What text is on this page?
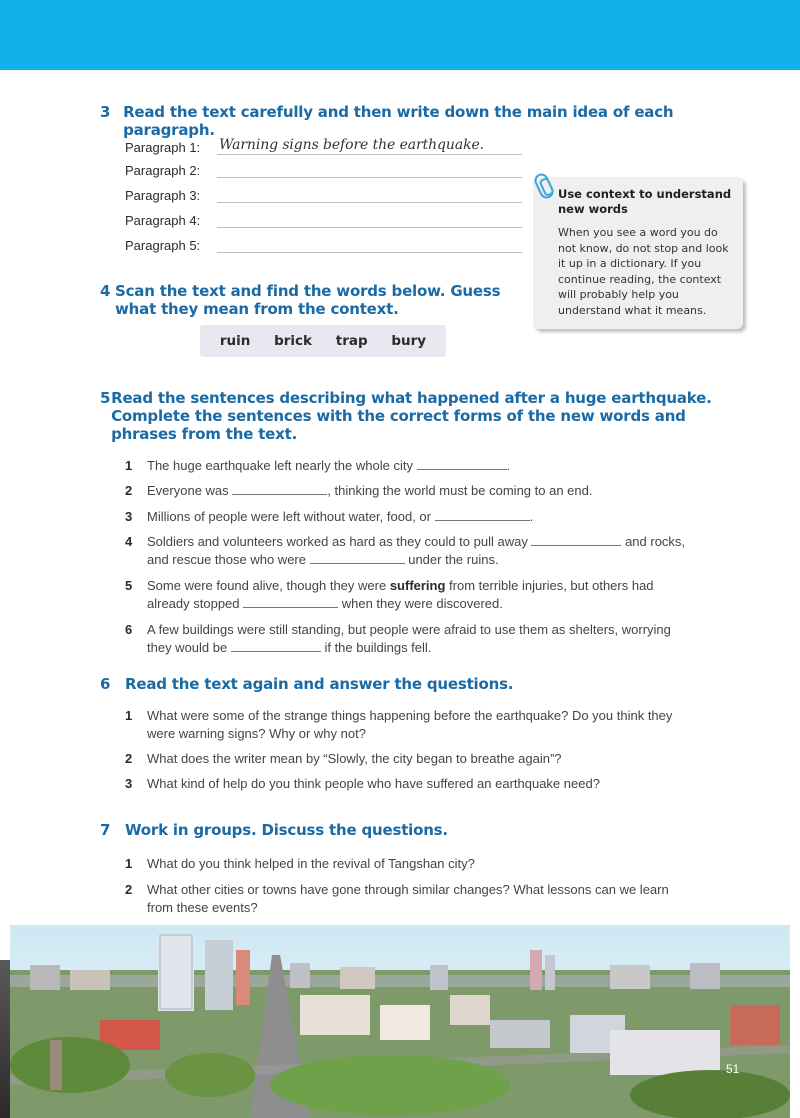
3 Read the text carefully and then write down the main idea of each paragraph.
Paragraph 1:	Warning signs before the earthquake.
Paragraph 2:
Paragraph 3:
Paragraph 4:
Paragraph 5:
Use context to understand new words
When you see a word you do not know, do not stop and look it up in a dictionary. If you continue reading, the context will probably help you understand what it means.
4 Scan the text and find the words below. Guess what they mean from the context.
ruin brick trap bury
5 Read the sentences describing what happened after a huge earthquake. Complete the sentences with the correct forms of the new words and phrases from the text.
1	The huge earthquake left nearly the whole city	.
2	Everyone was	, thinking the world must be coming to an end.
3	Millions of people were left without water, food, or	.
4	Soldiers and volunteers worked as hard as they could to pull away	and rocks, and rescue those who were	under the ruins.
5	Some were found alive, though they were suffering from terrible injuries, but others had already stopped	when they were discovered.
6	A few buildings were still standing, but people were afraid to use them as shelters, worrying they would be	if the buildings fell.
6 Read the text again and answer the questions.
1	What were some of the strange things happening before the earthquake? Do you think they were warning signs? Why or why not?
2	What does the writer mean by “Slowly, the city began to breathe again”?
3	What kind of help do you think people who have suffered an earthquake need?
7 Work in groups. Discuss the questions.
1	What do you think helped in the revival of Tangshan city?
2	What other cities or towns have gone through similar changes? What lessons can we learn from these events?
51
